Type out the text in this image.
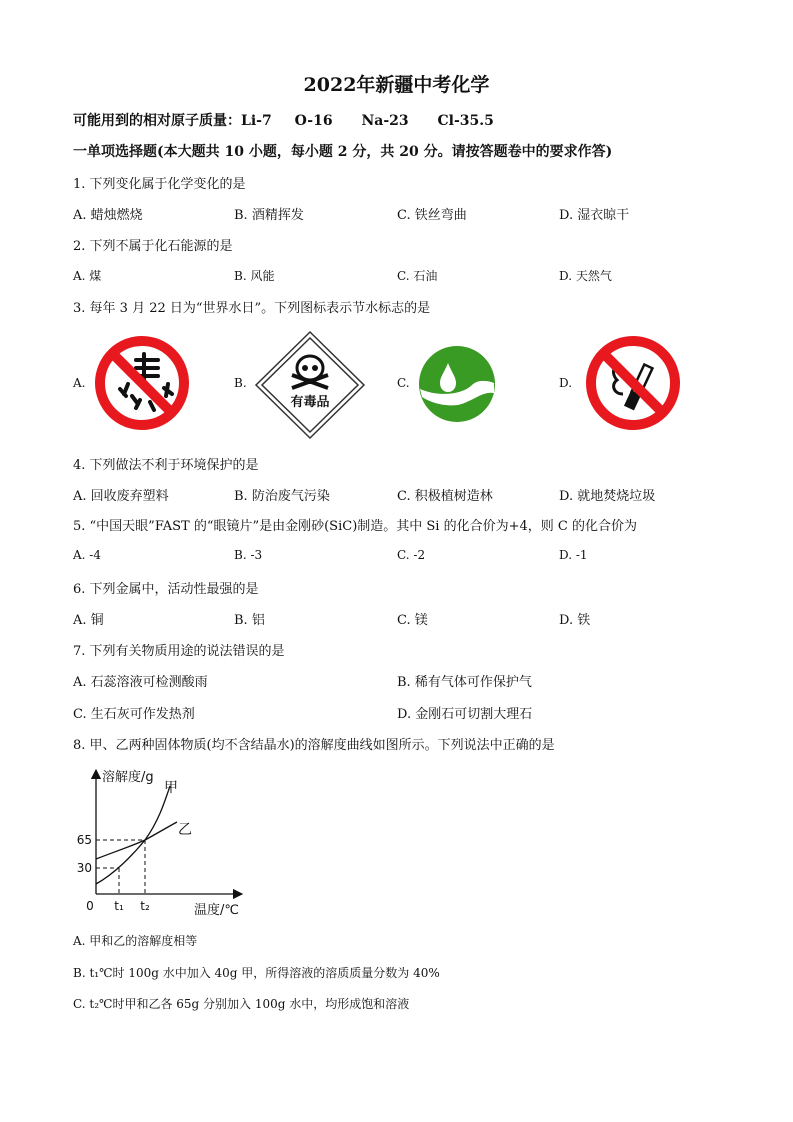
2022年新疆中考化学
可能用到的相对原子质量：Li-7 O-16 Na-23 Cl-35.5
一单项选择题(本大题共 10 小题，每小题 2 分，共 20 分。请按答题卷中的要求作答)
1. 下列变化属于化学变化的是
A. 蜡烛燃烧	B. 酒精挥发	C. 铁丝弯曲	D. 湿衣晾干
2. 下列不属于化石能源的是
A. 煤	B. 风能	C. 石油	D. 天然气
3. 每年 3 月 22 日为“世界水日”。下列图标表示节水标志的是
A.	B.	C.	D.
有毒品
4. 下列做法不利于环境保护的是
A. 回收废弃塑料	B. 防治废气污染	C. 积极植树造林	D. 就地焚烧垃圾
5. “中国天眼”FAST 的“眼镜片”是由金刚砂(SiC)制造。其中 Si 的化合价为+4，则 C 的化合价为
A. -4	B. -3	C. -2	D. -1
6. 下列金属中，活动性最强的是
A. 铜	B. 铝	C. 镁	D. 铁
7. 下列有关物质用途的说法错误的是
A. 石蕊溶液可检测酸雨	B. 稀有气体可作保护气
C. 生石灰可作发热剂	D. 金刚石可切割大理石
8. 甲、乙两种固体物质(均不含结晶水)的溶解度曲线如图所示。下列说法中正确的是
溶解度/g
温度/℃
0
65
30
t₁ t₂
甲
乙
A. 甲和乙的溶解度相等
B. t₁℃时 100g 水中加入 40g 甲，所得溶液的溶质质量分数为 40%
C. t₂℃时甲和乙各 65g 分别加入 100g 水中，均形成饱和溶液
